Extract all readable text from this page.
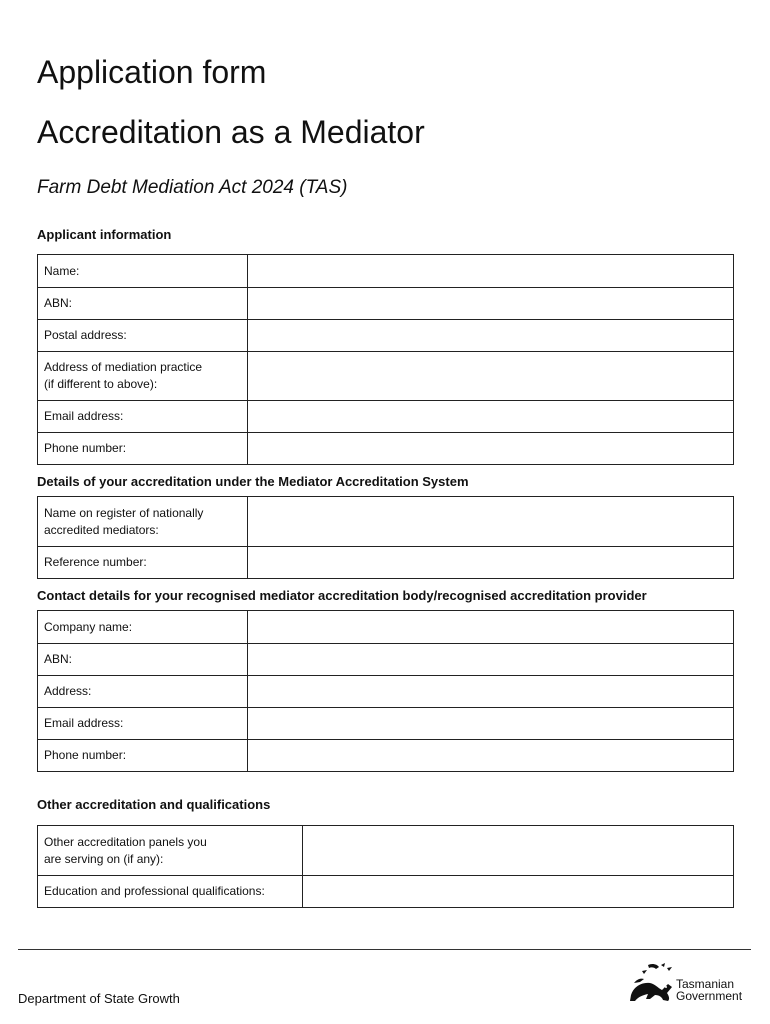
Application form
Accreditation as a Mediator

Farm Debt Mediation Act 2024 (TAS)

Applicant information

Name:	
ABN:	
Postal address:	
Address of mediation practice
(if different to above):	
Email address:	
Phone number:	

Details of your accreditation under the Mediator Accreditation System

Name on register of nationally
accredited mediators:	
Reference number:	

Contact details for your recognised mediator accreditation body/recognised accreditation provider

Company name:	
ABN:	
Address:	
Email address:	
Phone number:	

Other accreditation and qualifications

Other accreditation panels you
are serving on (if any):	
Education and professional qualifications:	
Department of State Growth
Tasmanian
Government
